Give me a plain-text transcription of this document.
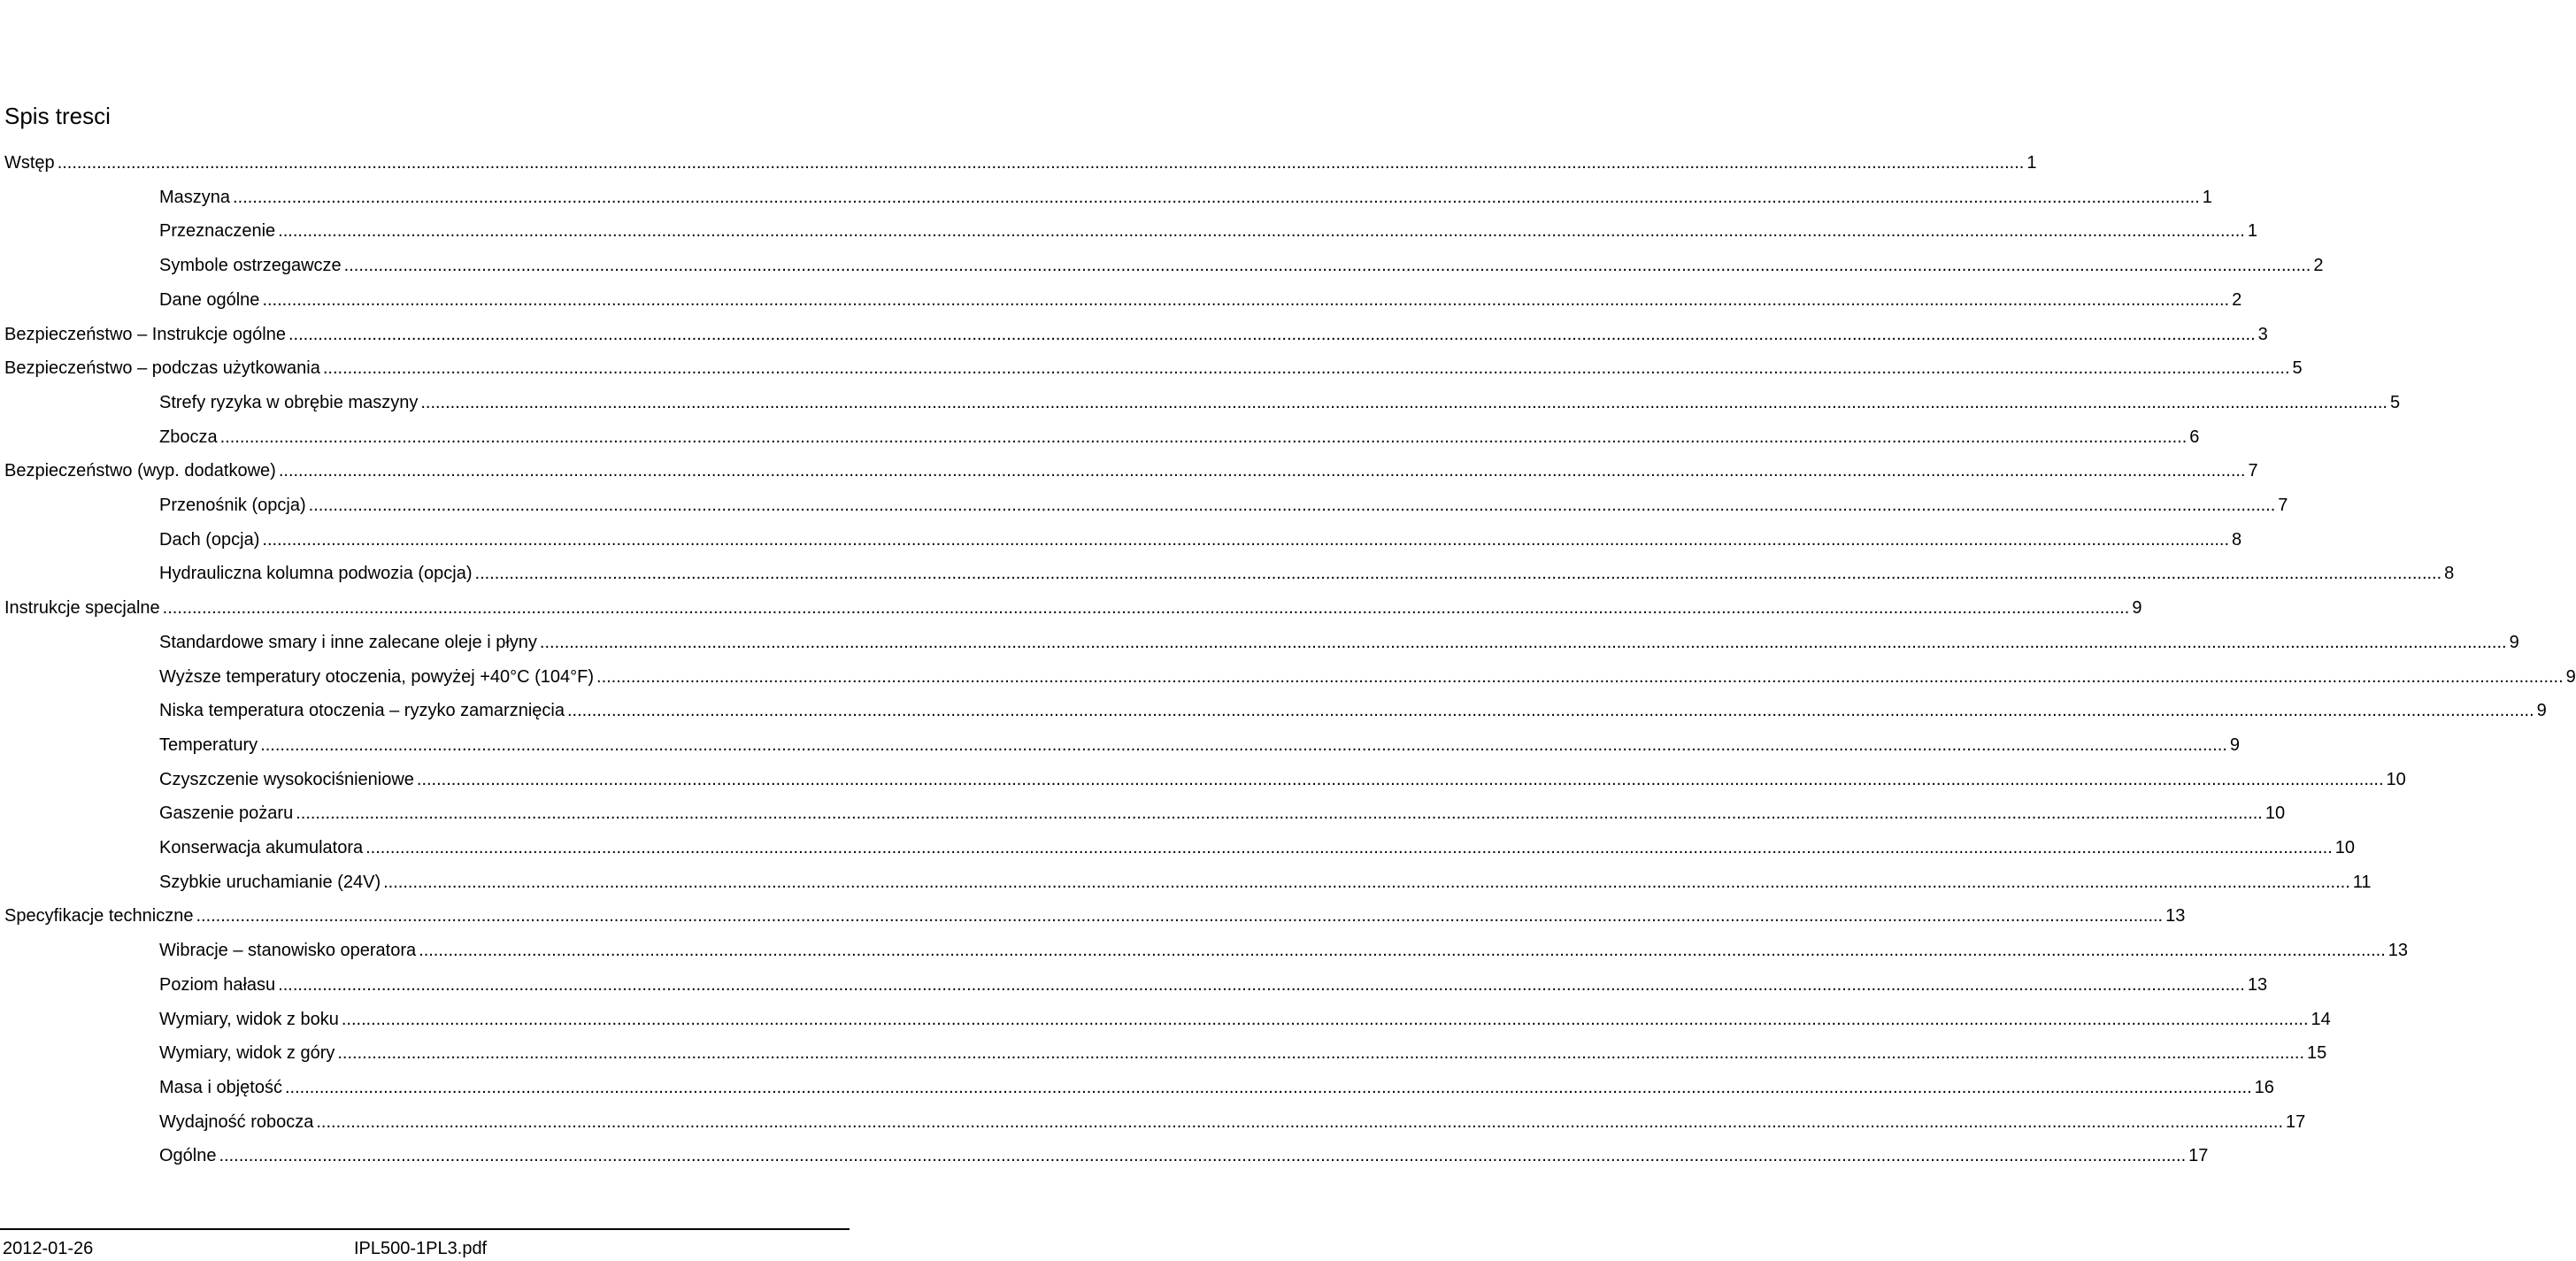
Spis tresci
Wstęp ................................................................................................................................................................................................................................................................................................................................................................................................................ 1
Maszyna ................................................................................................................................................................................................................................................................................................................................................................................................................ 1
Przeznaczenie ................................................................................................................................................................................................................................................................................................................................................................................................................ 1
Symbole ostrzegawcze ................................................................................................................................................................................................................................................................................................................................................................................................................ 2
Dane ogólne ................................................................................................................................................................................................................................................................................................................................................................................................................ 2
Bezpieczeństwo – Instrukcje ogólne ................................................................................................................................................................................................................................................................................................................................................................................................................ 3
Bezpieczeństwo – podczas użytkowania ................................................................................................................................................................................................................................................................................................................................................................................................................ 5
Strefy ryzyka w obrębie maszyny ................................................................................................................................................................................................................................................................................................................................................................................................................ 5
Zbocza ................................................................................................................................................................................................................................................................................................................................................................................................................ 6
Bezpieczeństwo (wyp. dodatkowe) ................................................................................................................................................................................................................................................................................................................................................................................................................ 7
Przenośnik (opcja) ................................................................................................................................................................................................................................................................................................................................................................................................................ 7
Dach (opcja) ................................................................................................................................................................................................................................................................................................................................................................................................................ 8
Hydrauliczna kolumna podwozia (opcja) ................................................................................................................................................................................................................................................................................................................................................................................................................ 8
Instrukcje specjalne ................................................................................................................................................................................................................................................................................................................................................................................................................ 9
Standardowe smary i inne zalecane oleje i płyny ................................................................................................................................................................................................................................................................................................................................................................................................................ 9
Wyższe temperatury otoczenia, powyżej +40°C (104°F) ................................................................................................................................................................................................................................................................................................................................................................................................................ 9
Niska temperatura otoczenia – ryzyko zamarznięcia ................................................................................................................................................................................................................................................................................................................................................................................................................ 9
Temperatury ................................................................................................................................................................................................................................................................................................................................................................................................................ 9
Czyszczenie wysokociśnieniowe ................................................................................................................................................................................................................................................................................................................................................................................................................ 10
Gaszenie pożaru ................................................................................................................................................................................................................................................................................................................................................................................................................ 10
Konserwacja akumulatora ................................................................................................................................................................................................................................................................................................................................................................................................................ 10
Szybkie uruchamianie (24V) ................................................................................................................................................................................................................................................................................................................................................................................................................ 11
Specyfikacje techniczne ................................................................................................................................................................................................................................................................................................................................................................................................................ 13
Wibracje – stanowisko operatora ................................................................................................................................................................................................................................................................................................................................................................................................................ 13
Poziom hałasu ................................................................................................................................................................................................................................................................................................................................................................................................................ 13
Wymiary, widok z boku ................................................................................................................................................................................................................................................................................................................................................................................................................ 14
Wymiary, widok z góry ................................................................................................................................................................................................................................................................................................................................................................................................................ 15
Masa i objętość ................................................................................................................................................................................................................................................................................................................................................................................................................ 16
Wydajność robocza ................................................................................................................................................................................................................................................................................................................................................................................................................ 17
Ogólne ................................................................................................................................................................................................................................................................................................................................................................................................................ 17
2012-01-26	IPL500-1PL3.pdf
